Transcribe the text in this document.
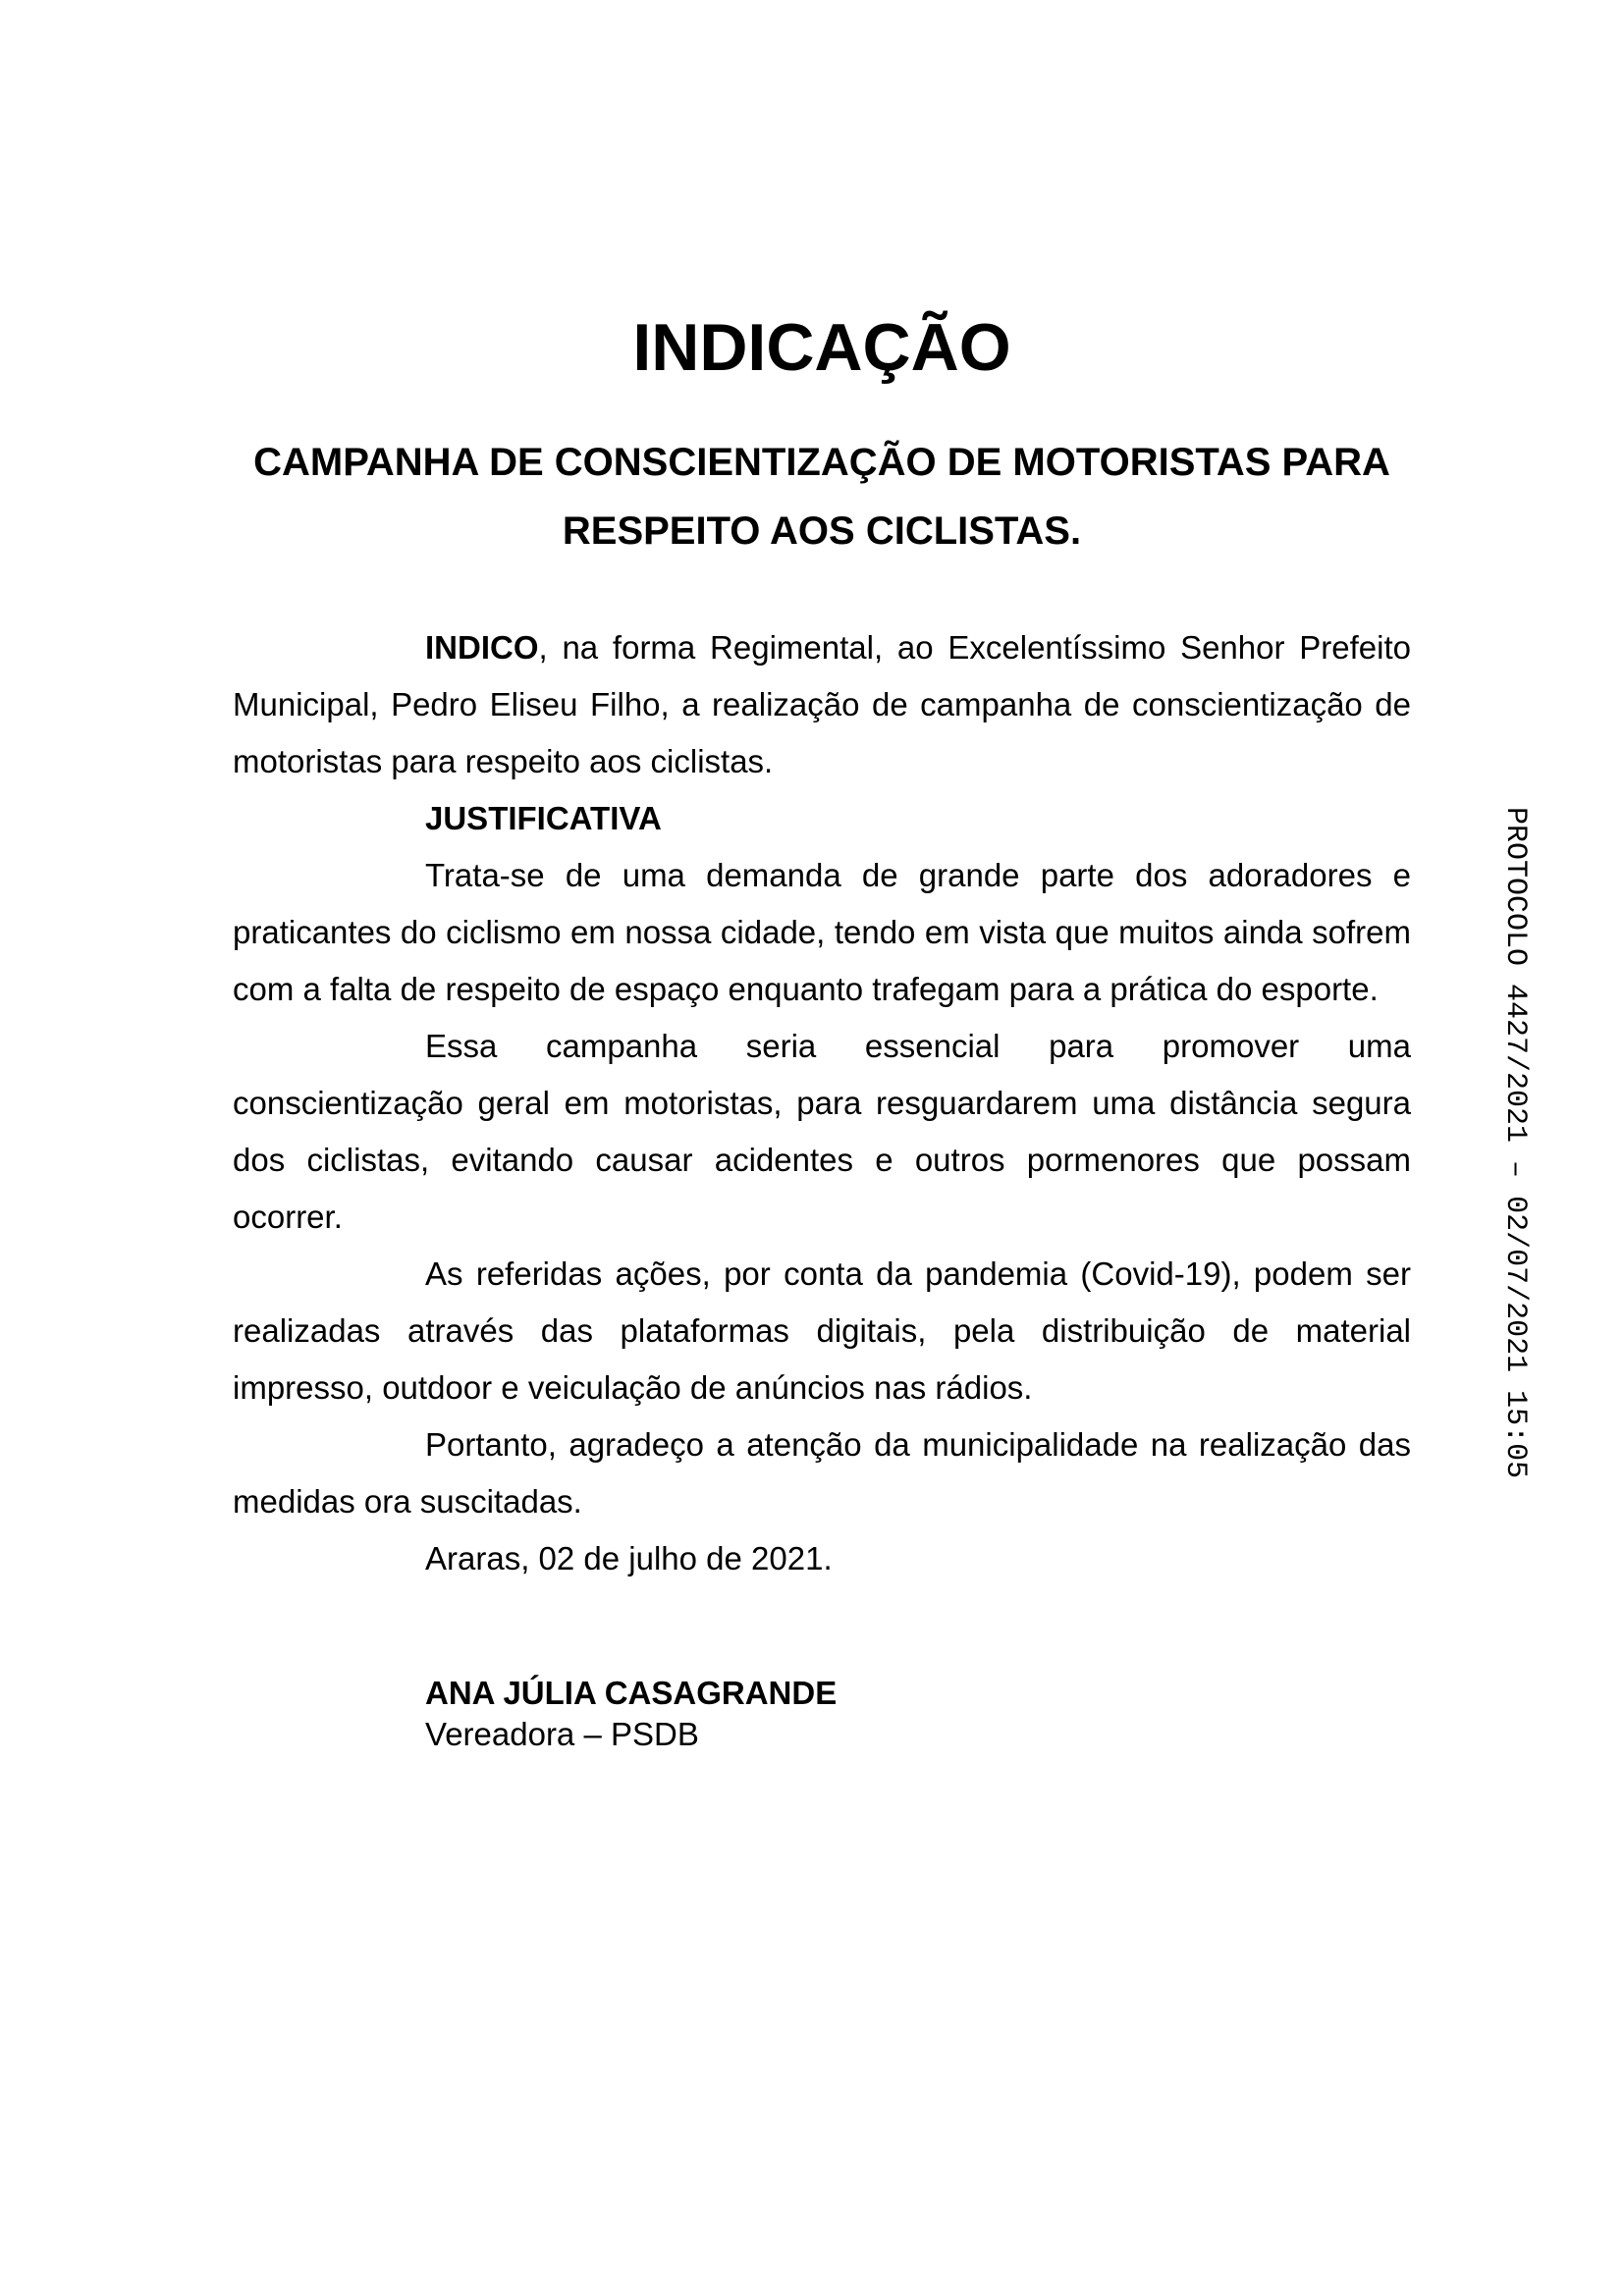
PROTOCOLO 4427/2021 – 02/07/2021 15:05
INDICAÇÃO
CAMPANHA DE CONSCIENTIZAÇÃO DE MOTORISTAS PARA RESPEITO AOS CICLISTAS.

INDICO, na forma Regimental, ao Excelentíssimo Senhor Prefeito Municipal, Pedro Eliseu Filho, a realização de campanha de conscientização de motoristas para respeito aos ciclistas.

JUSTIFICATIVA

Trata-se de uma demanda de grande parte dos adoradores e praticantes do ciclismo em nossa cidade, tendo em vista que muitos ainda sofrem com a falta de respeito de espaço enquanto trafegam para a prática do esporte.

Essa campanha seria essencial para promover uma conscientização geral em motoristas, para resguardarem uma distância segura dos ciclistas, evitando causar acidentes e outros pormenores que possam ocorrer.

As referidas ações, por conta da pandemia (Covid-19), podem ser realizadas através das plataformas digitais, pela distribuição de material impresso, outdoor e veiculação de anúncios nas rádios.

Portanto, agradeço a atenção da municipalidade na realização das medidas ora suscitadas.

Araras, 02 de julho de 2021.

ANA JÚLIA CASAGRANDE

Vereadora – PSDB
